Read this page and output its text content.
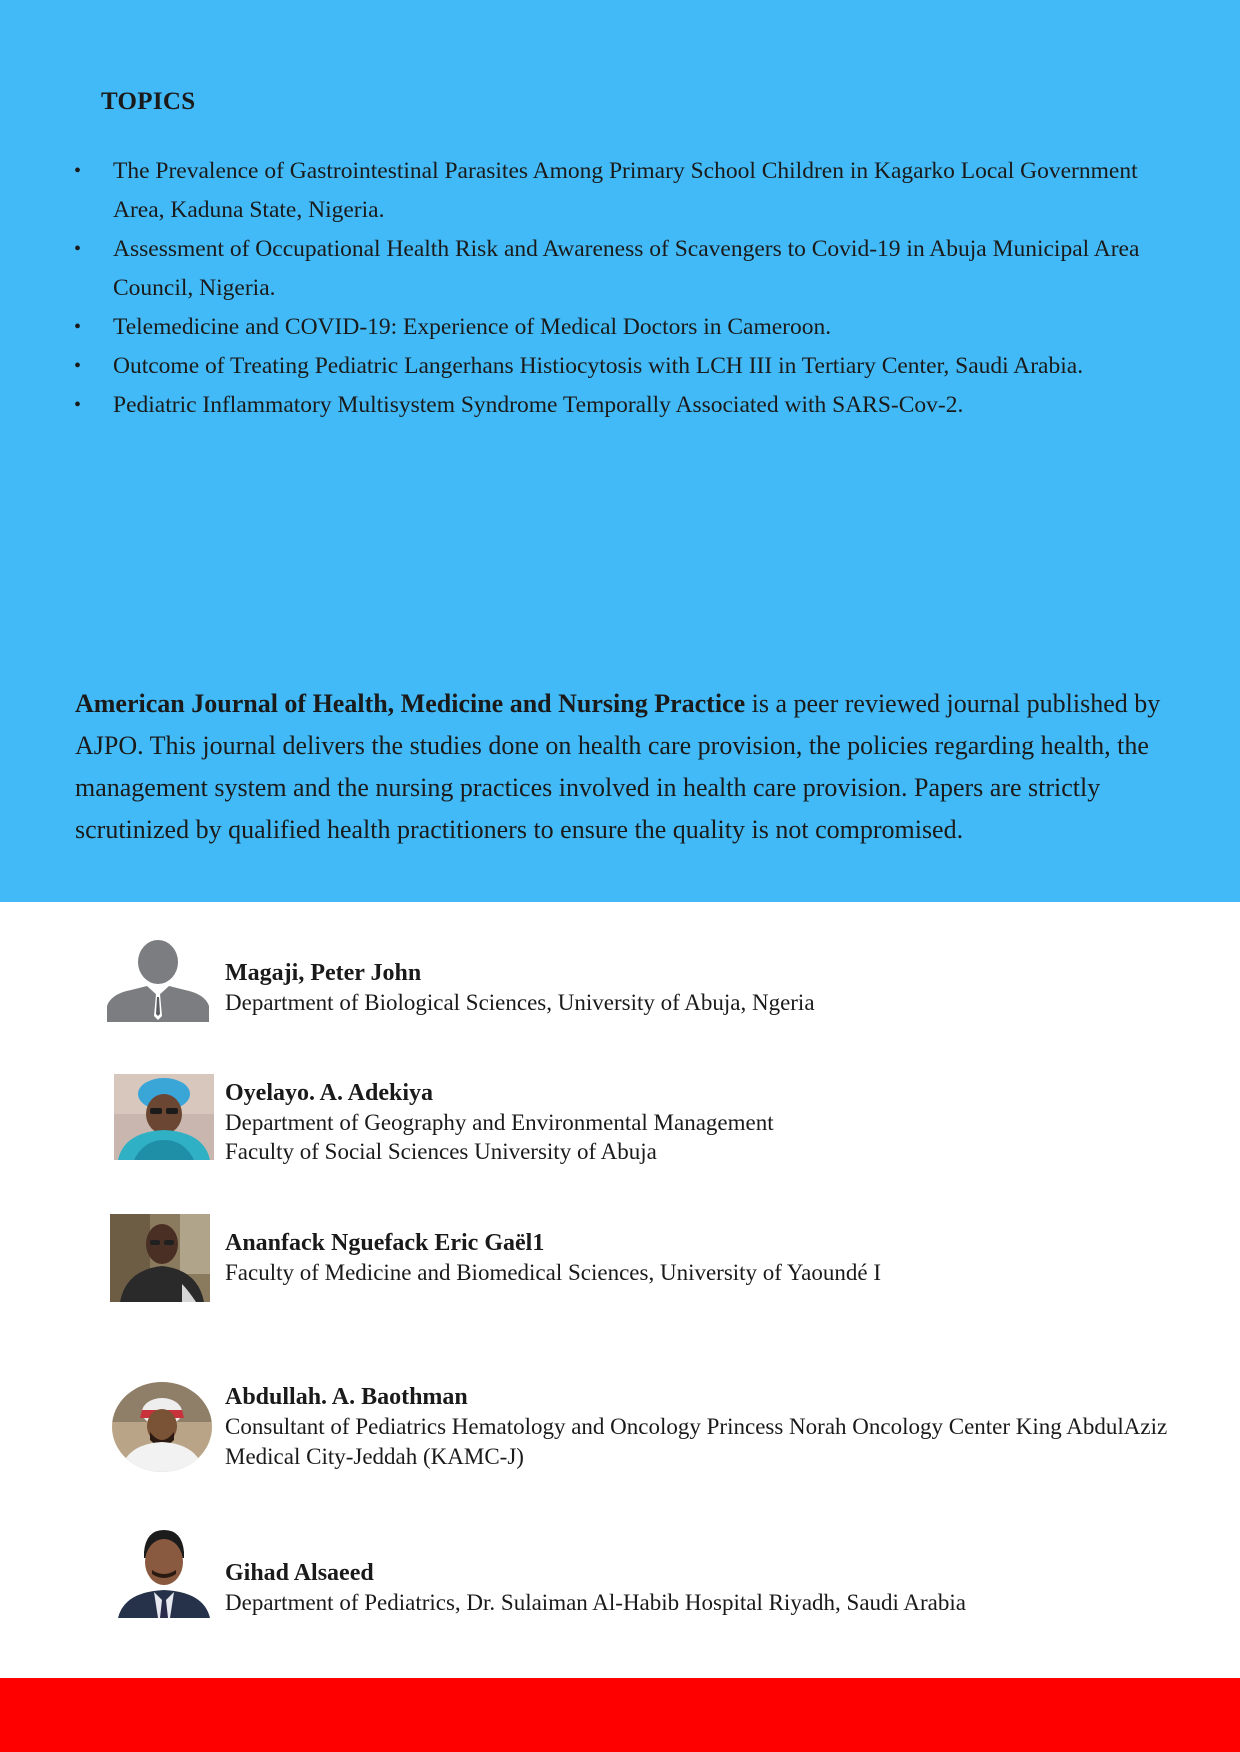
TOPICS
•	The Prevalence of Gastrointestinal Parasites Among Primary School Children in Kagarko Local Government Area, Kaduna State, Nigeria.
•	Assessment of Occupational Health Risk and Awareness of Scavengers to Covid-19 in Abuja Municipal Area Council, Nigeria.
•	Telemedicine and COVID-19: Experience of Medical Doctors in Cameroon.
•	Outcome of Treating Pediatric Langerhans Histiocytosis with LCH III in Tertiary Center, Saudi Arabia.
•	Pediatric Inflammatory Multisystem Syndrome Temporally Associated with SARS-Cov-2.

American Journal of Health, Medicine and Nursing Practice is a peer reviewed journal published by AJPO. This journal delivers the studies done on health care provision, the policies regarding health, the management system and the nursing practices involved in health care provision. Papers are strictly scrutinized by qualified health practitioners to ensure the quality is not compromised.

Magaji, Peter John

Department of Biological Sciences, University of Abuja, Ngeria

Oyelayo. A. Adekiya

Department of Geography and Environmental Management

Faculty of Social Sciences University of Abuja

Ananfack Nguefack Eric Gaël1

Faculty of Medicine and Biomedical Sciences, University of Yaoundé I

Abdullah. A. Baothman

Consultant of Pediatrics Hematology and Oncology Princess Norah Oncology Center King AbdulAziz Medical City-Jeddah (KAMC-J)

Gihad Alsaeed

Department of Pediatrics, Dr. Sulaiman Al-Habib Hospital Riyadh, Saudi Arabia
